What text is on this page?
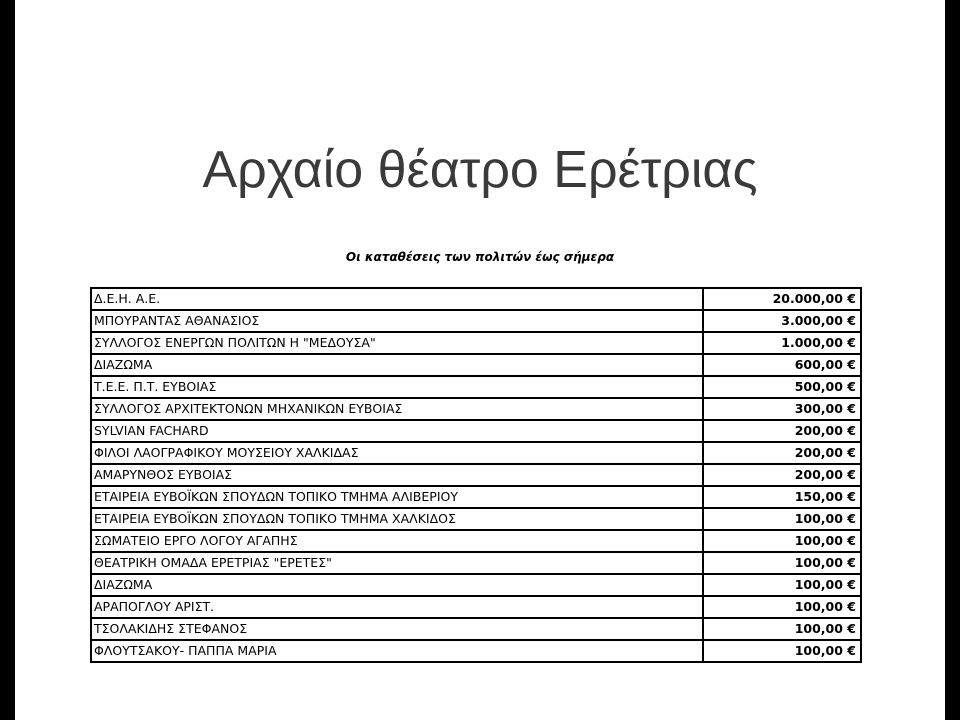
Αρχαίο θέατρο Ερέτριας
Οι καταθέσεις των πολιτών έως σήμερα
Δ.Ε.Η. Α.Ε.	20.000,00 €
ΜΠΟΥΡΑΝΤΑΣ ΑΘΑΝΑΣΙΟΣ	3.000,00 €
ΣΥΛΛΟΓΟΣ ΕΝΕΡΓΩΝ ΠΟΛΙΤΩΝ Η "ΜΕΔΟΥΣΑ"	1.000,00 €
ΔΙΑΖΩΜΑ	600,00 €
Τ.Ε.Ε. Π.Τ. ΕΥΒΟΙΑΣ	500,00 €
ΣΥΛΛΟΓΟΣ ΑΡΧΙΤΕΚΤΟΝΩΝ ΜΗΧΑΝΙΚΩΝ ΕΥΒΟΙΑΣ	300,00 €
SYLVIAN FACHARD	200,00 €
ΦΙΛΟΙ ΛΑΟΓΡΑΦΙΚΟΥ ΜΟΥΣΕΙΟΥ ΧΑΛΚΙΔΑΣ	200,00 €
ΑΜΑΡΥΝΘΟΣ ΕΥΒΟΙΑΣ	200,00 €
ΕΤΑΙΡΕΙΑ ΕΥΒΟΪΚΩΝ ΣΠΟΥΔΩΝ ΤΟΠΙΚΟ ΤΜΗΜΑ ΑΛΙΒΕΡΙΟΥ	150,00 €
ΕΤΑΙΡΕΙΑ ΕΥΒΟΪΚΩΝ ΣΠΟΥΔΩΝ ΤΟΠΙΚΟ ΤΜΗΜΑ ΧΑΛΚΙΔΟΣ	100,00 €
ΣΩΜΑΤΕΙΟ ΕΡΓΟ ΛΟΓΟΥ ΑΓΑΠΗΣ	100,00 €
ΘΕΑΤΡΙΚΗ ΟΜΑΔΑ ΕΡΕΤΡΙΑΣ "ΕΡΕΤΕΣ"	100,00 €
ΔΙΑΖΩΜΑ	100,00 €
ΑΡΑΠΟΓΛΟΥ ΑΡΙΣΤ.	100,00 €
ΤΣΟΛΑΚΙΔΗΣ ΣΤΕΦΑΝΟΣ	100,00 €
ΦΛΟΥΤΣΑΚΟΥ- ΠΑΠΠΑ ΜΑΡΙΑ	100,00 €
